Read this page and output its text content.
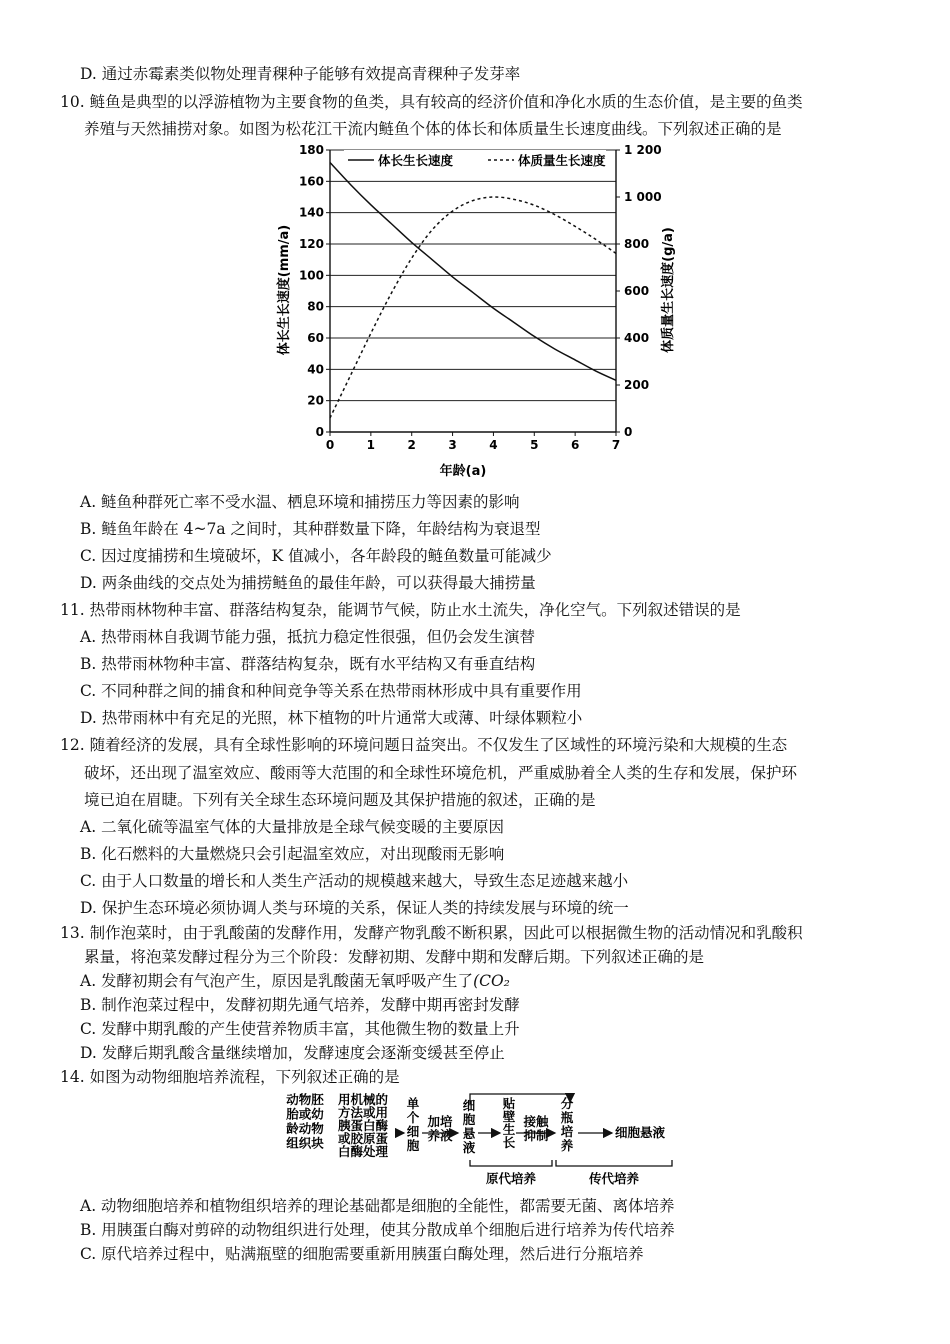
D. 通过赤霉素类似物处理青稞种子能够有效提高青稞种子发芽率
10. 鲢鱼是典型的以浮游植物为主要食物的鱼类，具有较高的经济价值和净化水质的生态价值，是主要的鱼类
养殖与天然捕捞对象。如图为松花江干流内鲢鱼个体的体长和体质量生长速度曲线。下列叙述正确的是
0
20
40
60
80
100
120
140
160
180
0
200
400
600
800
1 000
1 200
0	1	2	3	4	5	6	7
体长生长速度	体质量生长速度
年龄(a)
体长生长速度(mm/a)	体质量生长速度(g/a)
A. 鲢鱼种群死亡率不受水温、栖息环境和捕捞压力等因素的影响
B. 鲢鱼年龄在 4~7a 之间时，其种群数量下降，年龄结构为衰退型
C. 因过度捕捞和生境破坏，K 值减小，各年龄段的鲢鱼数量可能减少
D. 两条曲线的交点处为捕捞鲢鱼的最佳年龄，可以获得最大捕捞量
11. 热带雨林物种丰富、群落结构复杂，能调节气候，防止水土流失，净化空气。下列叙述错误的是
A. 热带雨林自我调节能力强，抵抗力稳定性很强，但仍会发生演替
B. 热带雨林物种丰富、群落结构复杂，既有水平结构又有垂直结构
C. 不同种群之间的捕食和种间竞争等关系在热带雨林形成中具有重要作用
D. 热带雨林中有充足的光照，林下植物的叶片通常大或薄、叶绿体颗粒小
12. 随着经济的发展，具有全球性影响的环境问题日益突出。不仅发生了区域性的环境污染和大规模的生态
破坏，还出现了温室效应、酸雨等大范围的和全球性环境危机，严重威胁着全人类的生存和发展，保护环
境已迫在眉睫。下列有关全球生态环境问题及其保护措施的叙述，正确的是
A. 二氧化硫等温室气体的大量排放是全球气候变暖的主要原因
B. 化石燃料的大量燃烧只会引起温室效应，对出现酸雨无影响
C. 由于人口数量的增长和人类生产活动的规模越来越大，导致生态足迹越来越小
D. 保护生态环境必须协调人类与环境的关系，保证人类的持续发展与环境的统一
13. 制作泡菜时，由于乳酸菌的发酵作用，发酵产物乳酸不断积累，因此可以根据微生物的活动情况和乳酸积
累量，将泡菜发酵过程分为三个阶段：发酵初期、发酵中期和发酵后期。下列叙述正确的是
A. 发酵初期会有气泡产生，原因是乳酸菌无氧呼吸产生了(CO₂
B. 制作泡菜过程中，发酵初期先通气培养，发酵中期再密封发酵
C. 发酵中期乳酸的产生使营养物质丰富，其他微生物的数量上升
D. 发酵后期乳酸含量继续增加，发酵速度会逐渐变缓甚至停止
14. 如图为动物细胞培养流程，下列叙述正确的是
动物胚
胎或幼
龄动物
组织块
用机械的
方法或用
胰蛋白酶
或胶原蛋
白酶处理
单
个
细
胞
加培
养液
细
胞
悬
液
贴
壁
生
长
接触
抑制
分
瓶
培
养
细胞悬液
原代培养	传代培养
A. 动物细胞培养和植物组织培养的理论基础都是细胞的全能性，都需要无菌、离体培养
B. 用胰蛋白酶对剪碎的动物组织进行处理，使其分散成单个细胞后进行培养为传代培养
C. 原代培养过程中，贴满瓶壁的细胞需要重新用胰蛋白酶处理，然后进行分瓶培养
